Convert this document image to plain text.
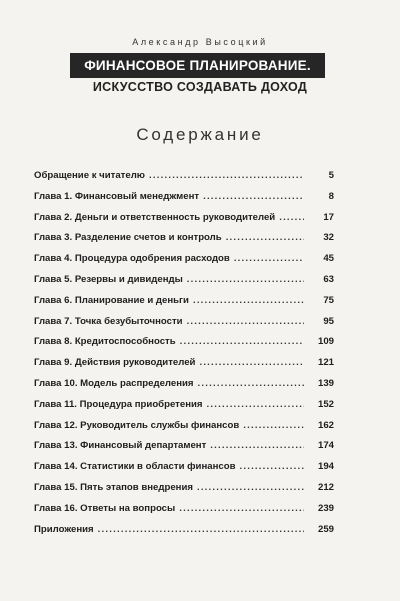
Александр Высоцкий
ФИНАНСОВОЕ ПЛАНИРОВАНИЕ.
ИСКУССТВО СОЗДАВАТЬ ДОХОД
Содержание
Обращение к читателю .....	5
Глава 1. Финансовый менеджмент .....	8
Глава 2. Деньги и ответственность руководителей .....	17
Глава 3. Разделение счетов и контроль .....	32
Глава 4. Процедура одобрения расходов .....	45
Глава 5. Резервы и дивиденды .....	63
Глава 6. Планирование и деньги .....	75
Глава 7. Точка безубыточности .....	95
Глава 8. Кредитоспособность .....	109
Глава 9. Действия руководителей .....	121
Глава 10. Модель распределения .....	139
Глава 11. Процедура приобретения .....	152
Глава 12. Руководитель службы финансов .....	162
Глава 13. Финансовый департамент .....	174
Глава 14. Статистики в области финансов .....	194
Глава 15. Пять этапов внедрения .....	212
Глава 16. Ответы на вопросы .....	239
Приложения .....	259
